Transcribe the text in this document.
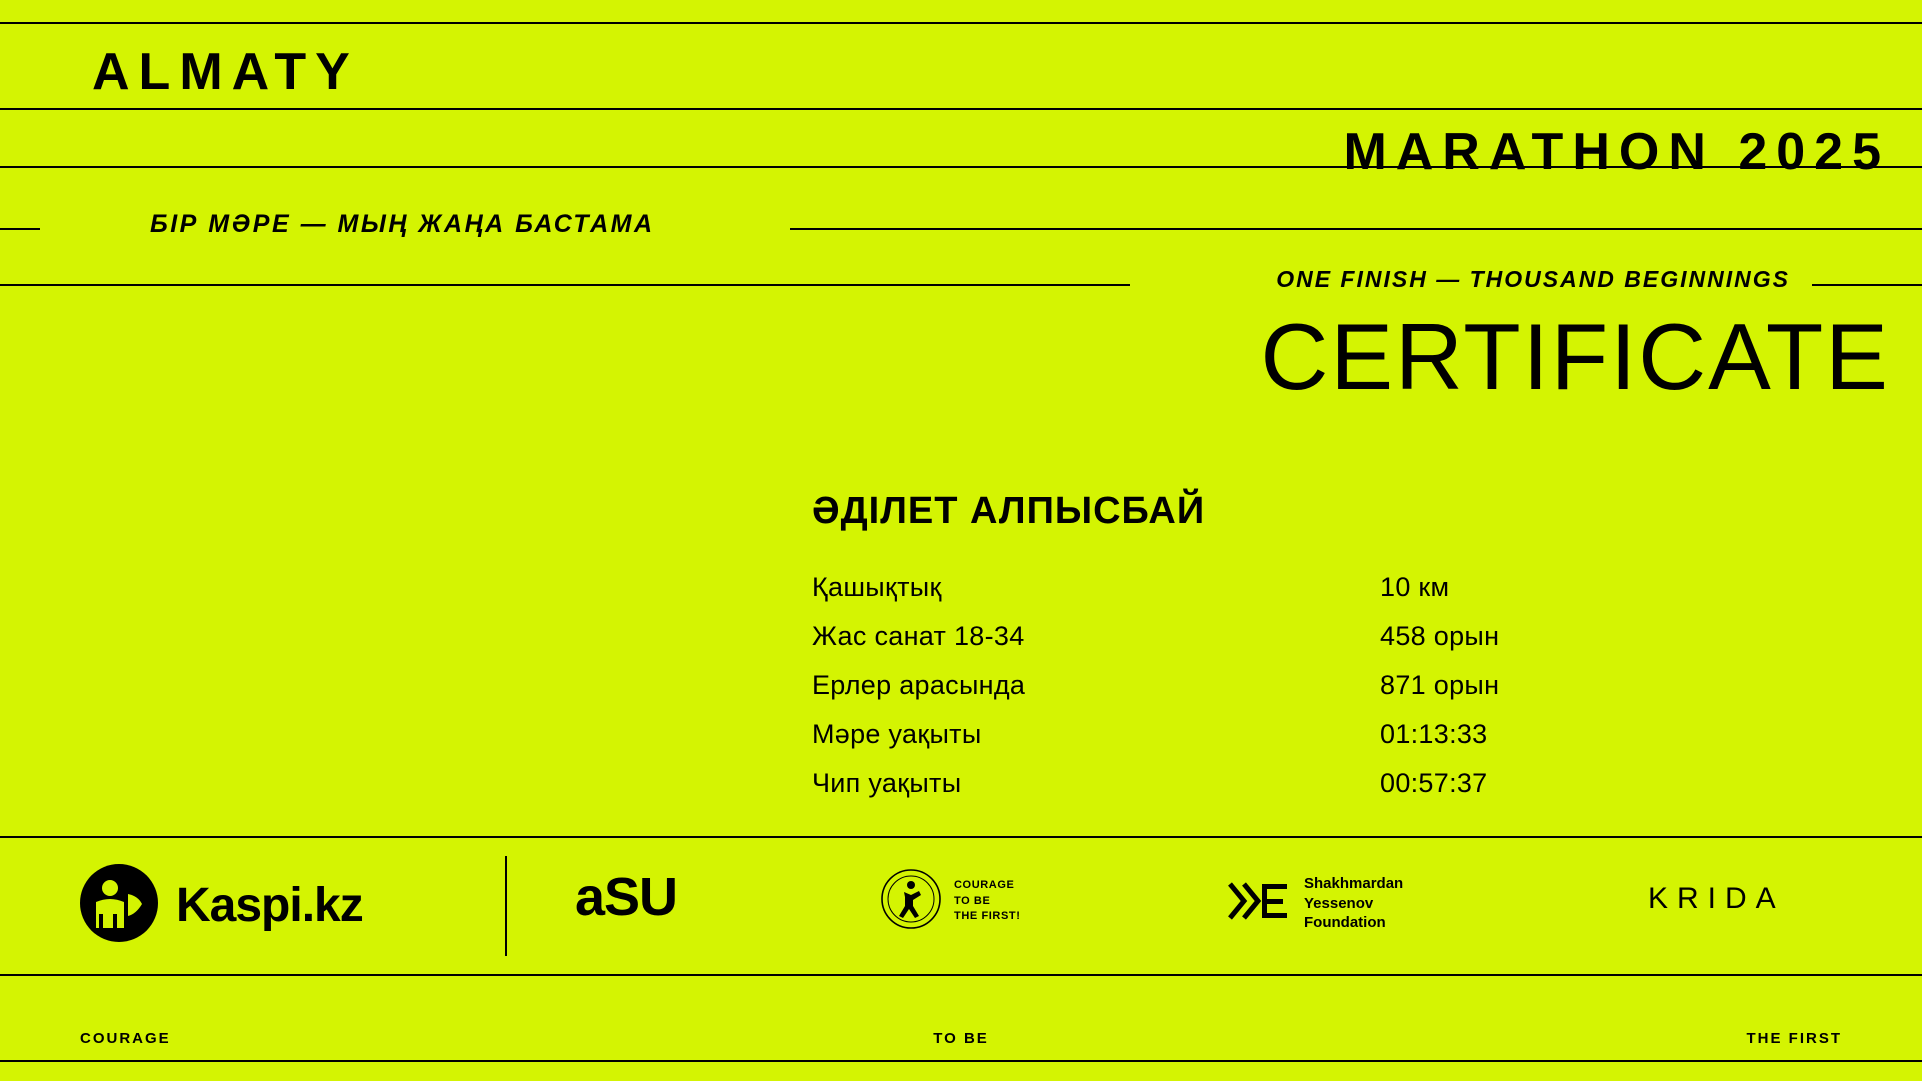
ALMATY
MARATHON 2025
БІР МӘРЕ — МЫҢ ЖАҢА БАСТАМА
ONE FINISH — THOUSAND BEGINNINGS
CERTIFICATE
ӘДІЛЕТ АЛПЫСБАЙ
Қашықтық	10 км
Жас санат 18-34	458 орын
Ерлер арасында	871 орын
Мәре уақыты	01:13:33
Чип уақыты	00:57:37
Kaspi.kz	aSU	COURAGE
TO BE
THE FIRST!
Shakhmardan
Yessenov
Foundation
KRIDA
COURAGE	TO BE	THE FIRST
